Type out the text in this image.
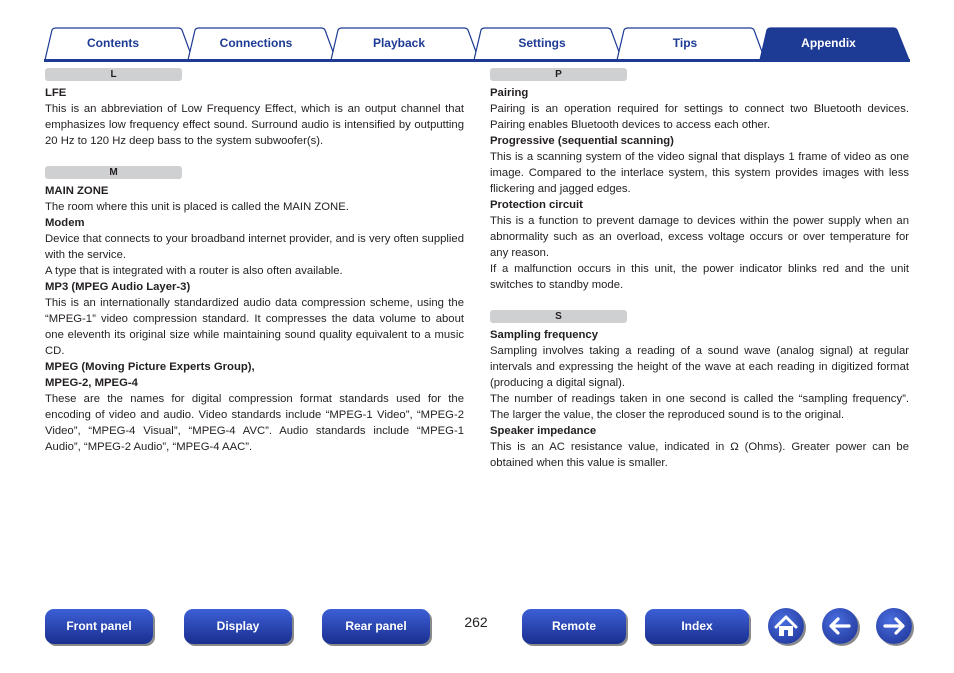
Contents	Connections	Playback	Settings	Tips	Appendix
L

LFE

This is an abbreviation of Low Frequency Effect, which is an output channel that emphasizes low frequency effect sound. Surround audio is intensified by outputting 20 Hz to 120 Hz deep bass to the system subwoofer(s).

M

MAIN ZONE

The room where this unit is placed is called the MAIN ZONE.

Modem

Device that connects to your broadband internet provider, and is very often supplied with the service.

A type that is integrated with a router is also often available.

MP3 (MPEG Audio Layer-3)

This is an internationally standardized audio data compression scheme, using the “MPEG-1” video compression standard. It compresses the data volume to about one eleventh its original size while maintaining sound quality equivalent to a music CD.

MPEG (Moving Picture Experts Group),

MPEG-2, MPEG-4

These are the names for digital compression format standards used for the encoding of video and audio. Video standards include “MPEG-1 Video”, “MPEG-2 Video”, “MPEG-4 Visual”, “MPEG-4 AVC”. Audio standards include “MPEG-1 Audio”, “MPEG-2 Audio”, “MPEG-4 AAC”.

P

Pairing

Pairing is an operation required for settings to connect two Bluetooth devices. Pairing enables Bluetooth devices to access each other.

Progressive (sequential scanning)

This is a scanning system of the video signal that displays 1 frame of video as one image. Compared to the interlace system, this system provides images with less flickering and jagged edges.

Protection circuit

This is a function to prevent damage to devices within the power supply when an abnormality such as an overload, excess voltage occurs or over temperature for any reason.

If a malfunction occurs in this unit, the power indicator blinks red and the unit switches to standby mode.

S

Sampling frequency

Sampling involves taking a reading of a sound wave (analog signal) at regular intervals and expressing the height of the wave at each reading in digitized format (producing a digital signal).

The number of readings taken in one second is called the “sampling frequency”. The larger the value, the closer the reproduced sound is to the original.

Speaker impedance

This is an AC resistance value, indicated in Ω (Ohms). Greater power can be obtained when this value is smaller.

Front panel	Display	Rear panel	262	Remote	Index
